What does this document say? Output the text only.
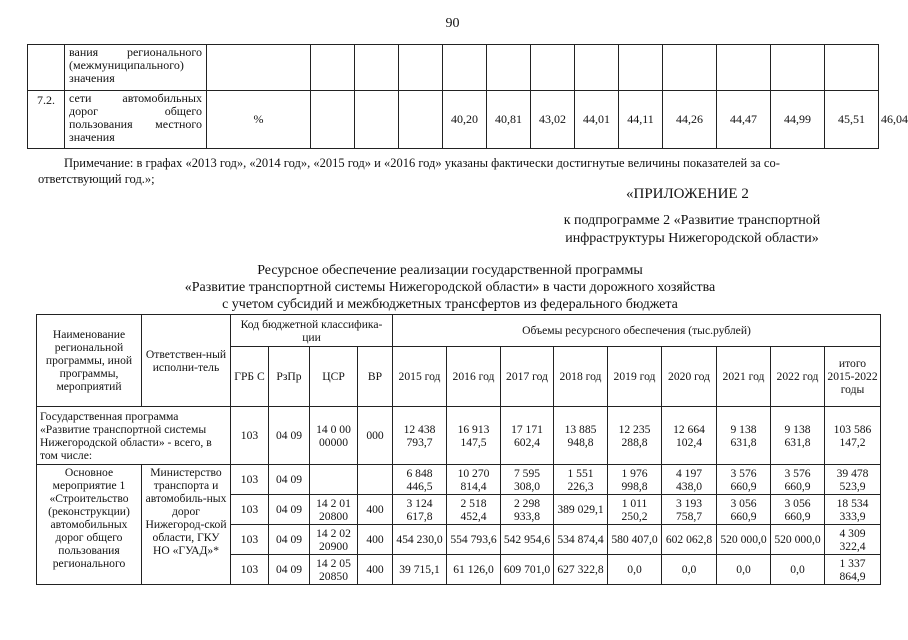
90
	вания регионального (межмуниципального) значения														
7.2.	сети автомобильных дорог общего пользования местного значения	%				40,20	40,81	43,02	44,01	44,11	44,26	44,47	44,99	45,51	46,04
Примечание: в графах «2013 год», «2014 год», «2015 год» и «2016 год» указаны фактически достигнутые величины показателей за со-
ответствующий год.»;
«ПРИЛОЖЕНИЕ 2
к подпрограмме 2 «Развитие транспортной
инфраструктуры Нижегородской области»
Ресурсное обеспечение реализации государственной программы
«Развитие транспортной системы Нижегородской области» в части дорожного хозяйства
с учетом субсидий и межбюджетных трансфертов из федерального бюджета
Наименование региональной программы, иной программы, мероприятий	Ответствен-ный исполни-тель	Код бюджетной классифика-ции				Объемы ресурсного обеспечения (тыс.рублей)								
		ГРБ С	РзПр	ЦСР	ВР	2015 год	2016 год	2017 год	2018 год	2019 год	2020 год	2021 год	2022 год	итого 2015-2022 годы
Государственная программа «Развитие транспортной системы Нижегородской области» - всего, в том числе:		103	04 09	14 0 00 00000	000	12 438 793,7	16 913 147,5	17 171 602,4	13 885 948,8	12 235 288,8	12 664 102,4	9 138 631,8	9 138 631,8	103 586 147,2
Основное мероприятие 1 «Строительство (реконструкции) автомобильных дорог общего пользования регионального	Министерство транспорта и автомобиль-ных дорог Нижегород-ской области, ГКУ НО «ГУАД»*	103	04 09			6 848 446,5	10 270 814,4	7 595 308,0	1 551 226,3	1 976 998,8	4 197 438,0	3 576 660,9	3 576 660,9	39 478 523,9
		103	04 09	14 2 01 20800	400	3 124 617,8	2 518 452,4	2 298 933,8	389 029,1	1 011 250,2	3 193 758,7	3 056 660,9	3 056 660,9	18 534 333,9
		103	04 09	14 2 02 20900	400	454 230,0	554 793,6	542 954,6	534 874,4	580 407,0	602 062,8	520 000,0	520 000,0	4 309 322,4
		103	04 09	14 2 05 20850	400	39 715,1	61 126,0	609 701,0	627 322,8	0,0	0,0	0,0	0,0	1 337 864,9
